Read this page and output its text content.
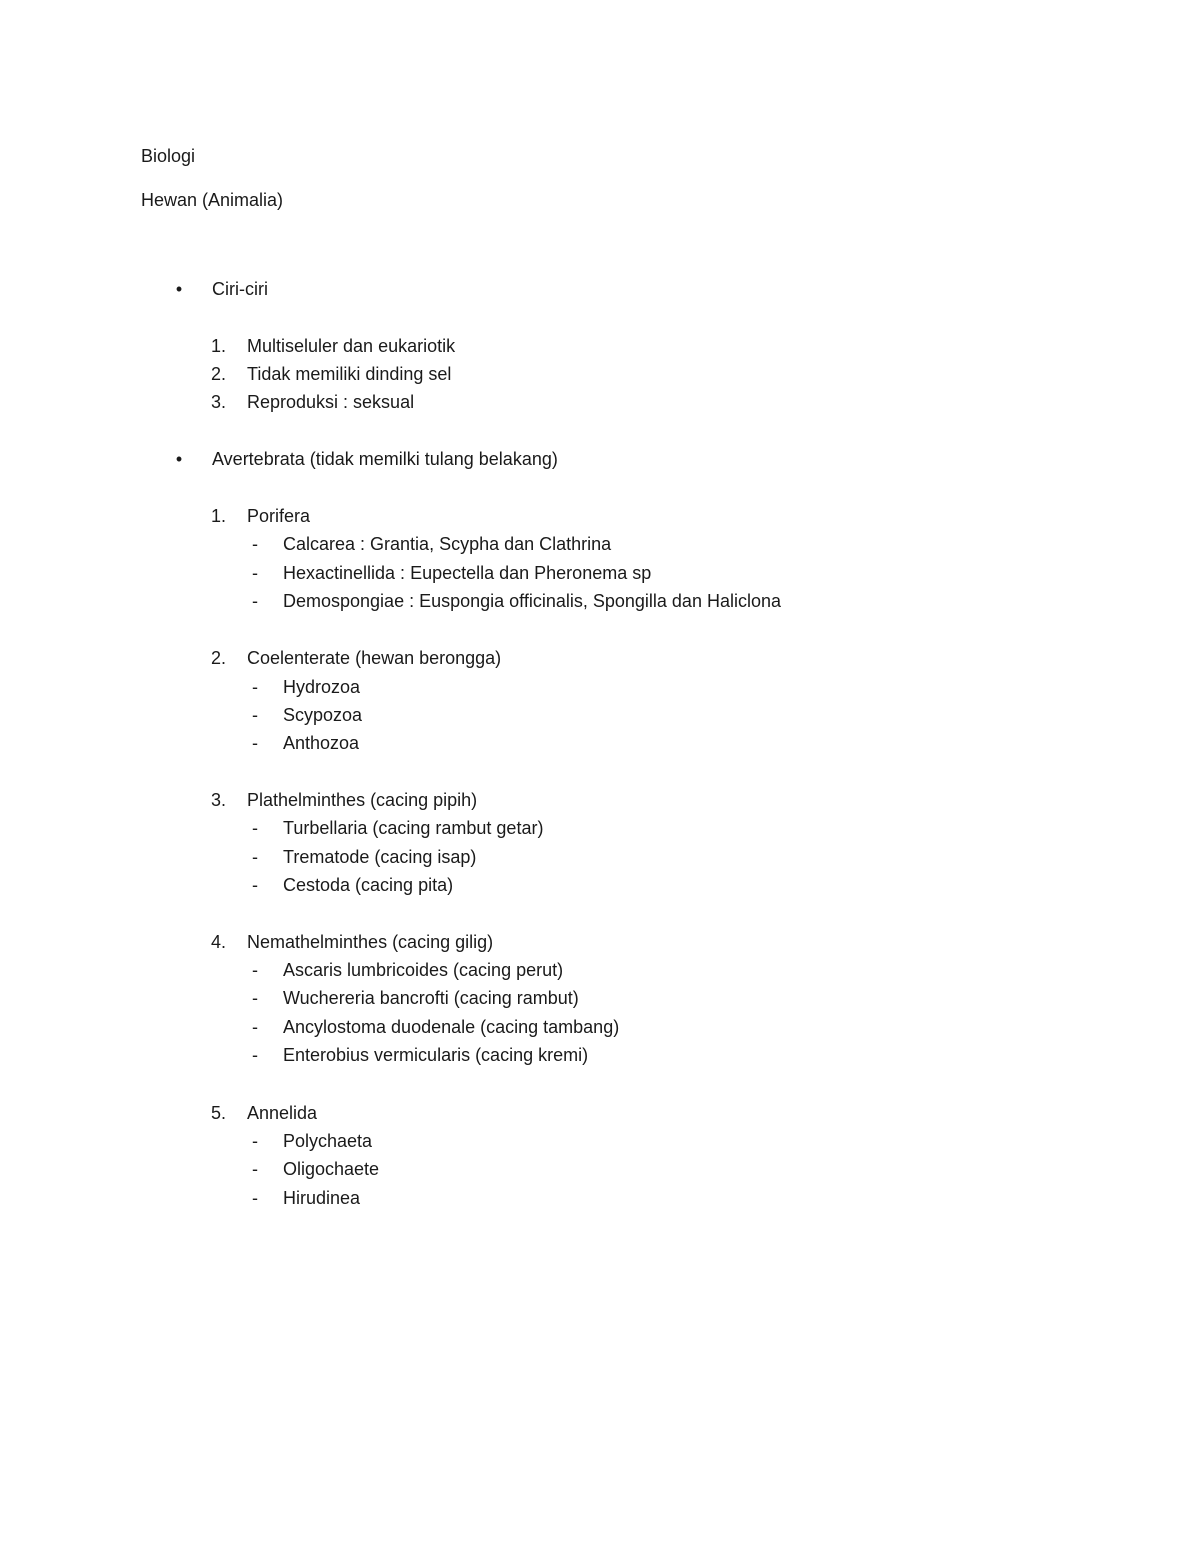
Biologi
Hewan (Animalia)
• Ciri-ciri
1.	Multiseluler dan eukariotik
2.	Tidak memiliki dinding sel
3.	Reproduksi : seksual
• Avertebrata (tidak memilki tulang belakang)
1.	Porifera
- Calcarea : Grantia, Scypha dan Clathrina
- Hexactinellida : Eupectella dan Pheronema sp
- Demospongiae : Euspongia officinalis, Spongilla dan Haliclona
2.	Coelenterate (hewan berongga)
- Hydrozoa
- Scypozoa
- Anthozoa
3.	Plathelminthes (cacing pipih)
- Turbellaria (cacing rambut getar)
- Trematode (cacing isap)
- Cestoda (cacing pita)
4.	Nemathelminthes (cacing gilig)
- Ascaris lumbricoides (cacing perut)
- Wuchereria bancrofti (cacing rambut)
- Ancylostoma duodenale (cacing tambang)
- Enterobius vermicularis (cacing kremi)
5.	Annelida
- Polychaeta
- Oligochaete
- Hirudinea
